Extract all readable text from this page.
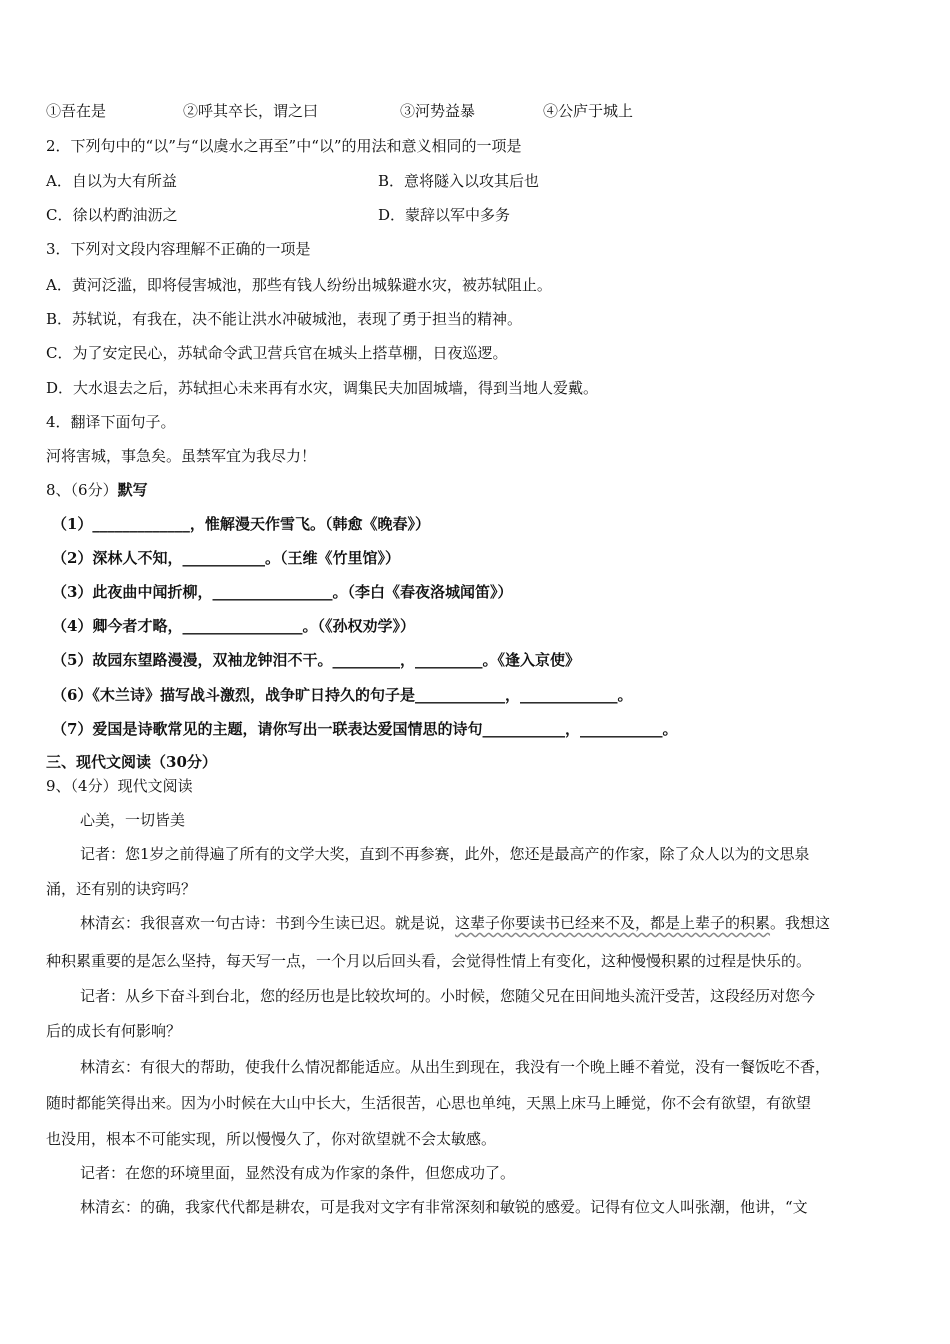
①吾在是	②呼其卒长，谓之曰	③河势益暴	④公庐于城上
2．下列句中的“以”与“以虞水之再至”中“以”的用法和意义相同的一项是
A．自以为大有所益	B．意将隧入以攻其后也
C．徐以杓酌油沥之	D．蒙辞以军中多务
3．下列对文段内容理解不正确的一项是
A．黄河泛滥，即将侵害城池，那些有钱人纷纷出城躲避水灾，被苏轼阻止。
B．苏轼说，有我在，决不能让洪水冲破城池，表现了勇于担当的精神。
C．为了安定民心，苏轼命令武卫营兵官在城头上搭草棚，日夜巡逻。
D．大水退去之后，苏轼担心未来再有水灾，调集民夫加固城墙，得到当地人爱戴。
4．翻译下面句子。
河将害城，事急矣。虽禁军宜为我尽力！
8、（6分）默写
（1）_____________，惟解漫天作雪飞。（韩愈《晚春》）
（2）深林人不知，___________。（王维《竹里馆》）
（3）此夜曲中闻折柳，________________。（李白《春夜洛城闻笛》）
（4）卿今者才略，________________。（《孙权劝学》）
（5）故园东望路漫漫，双袖龙钟泪不干。_________，_________。《逢入京使》
（6）《木兰诗》描写战斗激烈，战争旷日持久的句子是____________，_____________。
（7）爱国是诗歌常见的主题，请你写出一联表达爱国情思的诗句___________，___________。
三、现代文阅读（30分）
9、（4分）现代文阅读
心美，一切皆美
记者：您1岁之前得遍了所有的文学大奖，直到不再参赛，此外，您还是最高产的作家，除了众人以为的文思泉
涌，还有别的诀窍吗？
林清玄：我很喜欢一句古诗：书到今生读已迟。就是说，这辈子你要读书已经来不及，都是上辈子的积累。我想这
种积累重要的是怎么坚持，每天写一点，一个月以后回头看，会觉得性情上有变化，这种慢慢积累的过程是快乐的。
记者：从乡下奋斗到台北，您的经历也是比较坎坷的。小时候，您随父兄在田间地头流汗受苦，这段经历对您今
后的成长有何影响？
林清玄：有很大的帮助，使我什么情况都能适应。从出生到现在，我没有一个晚上睡不着觉，没有一餐饭吃不香，
随时都能笑得出来。因为小时候在大山中长大，生活很苦，心思也单纯，天黑上床马上睡觉，你不会有欲望，有欲望
也没用，根本不可能实现，所以慢慢久了，你对欲望就不会太敏感。
记者：在您的环境里面，显然没有成为作家的条件，但您成功了。
林清玄：的确，我家代代都是耕农，可是我对文字有非常深刻和敏锐的感爱。记得有位文人叫张潮，他讲，“文
